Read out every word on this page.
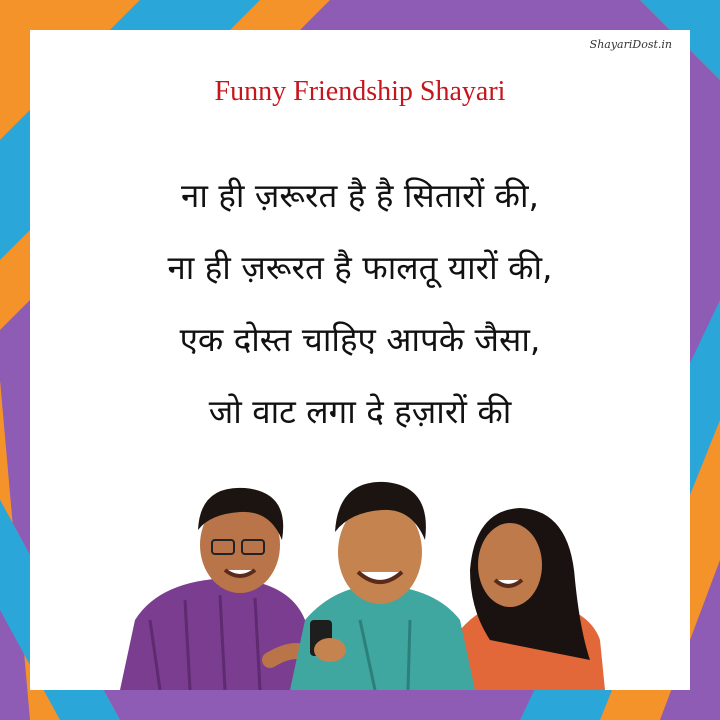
ShayariDost.in
Funny Friendship Shayari
ना ही ज़रूरत है है सितारों की,
ना ही ज़रूरत है फालतू यारों की,
एक दोस्त चाहिए आपके जैसा,
जो वाट लगा दे हज़ारों की
